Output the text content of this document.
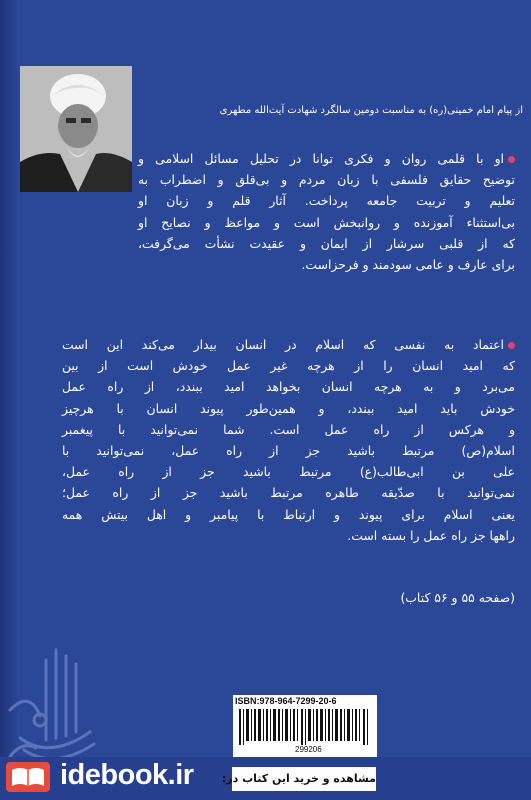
از پیام امام خمینی(ره) به مناسبت دومین سالگرد شهادت آیت‌الله مطهری
او با قلمی روان و فکری توانا در تحلیل مسائل اسلامی و
توضیح حقایق فلسفی با زبان مردم و بی‌قلق و اضطراب به
تعلیم و تربیت جامعه پرداخت. آثار قلم و زبان او
بی‌استثناء آموزنده و روانبخش است و مواعظ و نصایح او
که از قلبی سرشار از ایمان و عقیدت نشأت می‌گرفت،
برای عارف و عامی سودمند و فرحزاست.
اعتماد به نفسی که اسلام در انسان بیدار می‌کند این است
که امید انسان را از هرچه غیر عمل خودش است از بین
می‌برد و به هرچه انسان بخواهد امید ببندد، از راه عمل
خودش باید امید ببندد، و همین‌طور پیوند انسان با هرچیز
و هرکس از راه عمل است. شما نمی‌توانید با پیغمبر
اسلام(ص) مرتبط باشید جز از راه عمل، نمی‌توانید با
علی بن ابی‌طالب(ع) مرتبط باشید جز از راه عمل،
نمی‌توانید با صدّیقه طاهره مرتبط باشید جز از راه عمل؛
یعنی اسلام برای پیوند و ارتباط با پیامبر و اهل بیتش همه
راهها جز راه عمل را بسته است.
(صفحه ۵۵ و ۵۶ کتاب)
ISBN:978-964-7299-20-6
299206
idebook.ir	مشاهده و خرید این کتاب در:
